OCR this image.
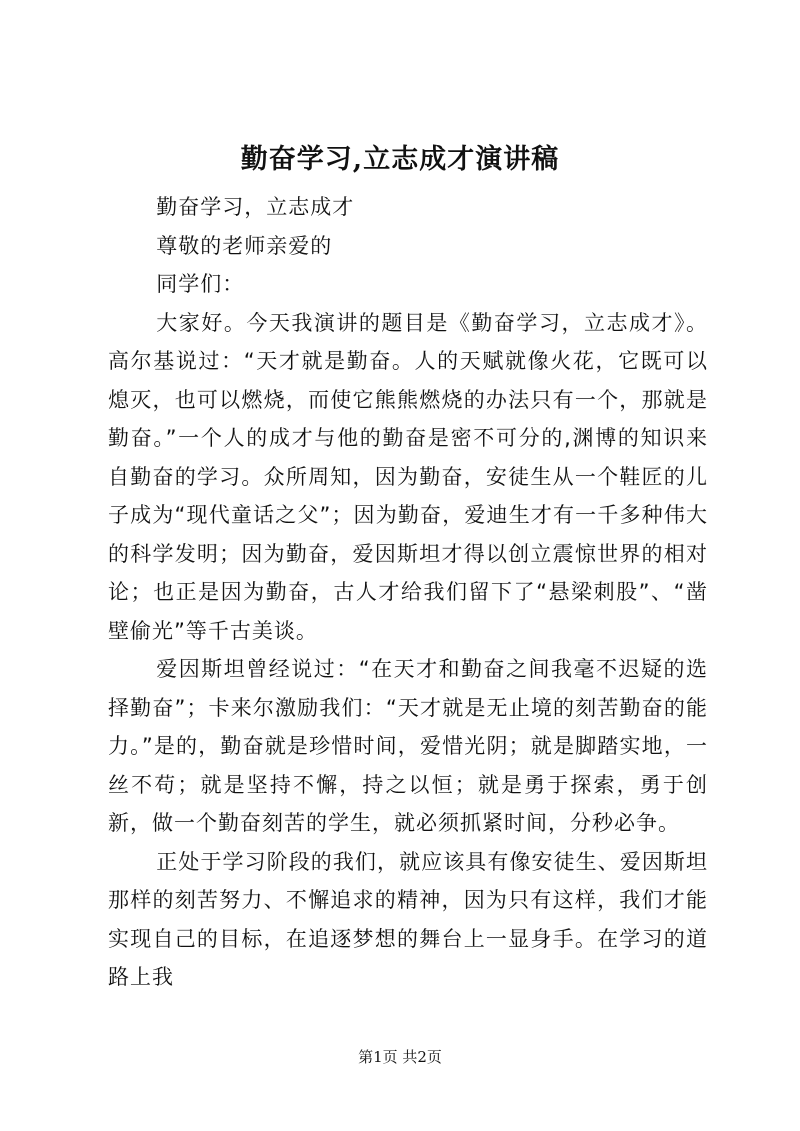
勤奋学习,立志成才演讲稿

勤奋学习，立志成才

尊敬的老师亲爱的

同学们：

大家好。今天我演讲的题目是《勤奋学习，立志成才》。高尔基说过：“天才就是勤奋。人的天赋就像火花，它既可以熄灭，也可以燃烧，而使它熊熊燃烧的办法只有一个，那就是勤奋。”一个人的成才与他的勤奋是密不可分的,渊博的知识来自勤奋的学习。众所周知，因为勤奋，安徒生从一个鞋匠的儿子成为“现代童话之父”；因为勤奋，爱迪生才有一千多种伟大的科学发明；因为勤奋，爱因斯坦才得以创立震惊世界的相对论；也正是因为勤奋，古人才给我们留下了“悬梁刺股”、“凿壁偷光”等千古美谈。

爱因斯坦曾经说过：“在天才和勤奋之间我毫不迟疑的选择勤奋”；卡来尔激励我们：“天才就是无止境的刻苦勤奋的能力。”是的，勤奋就是珍惜时间，爱惜光阴；就是脚踏实地，一丝不苟；就是坚持不懈，持之以恒；就是勇于探索，勇于创新，做一个勤奋刻苦的学生，就必须抓紧时间，分秒必争。

正处于学习阶段的我们，就应该具有像安徒生、爱因斯坦那样的刻苦努力、不懈追求的精神，因为只有这样，我们才能实现自己的目标，在追逐梦想的舞台上一显身手。在学习的道路上我

第1页 共2页
